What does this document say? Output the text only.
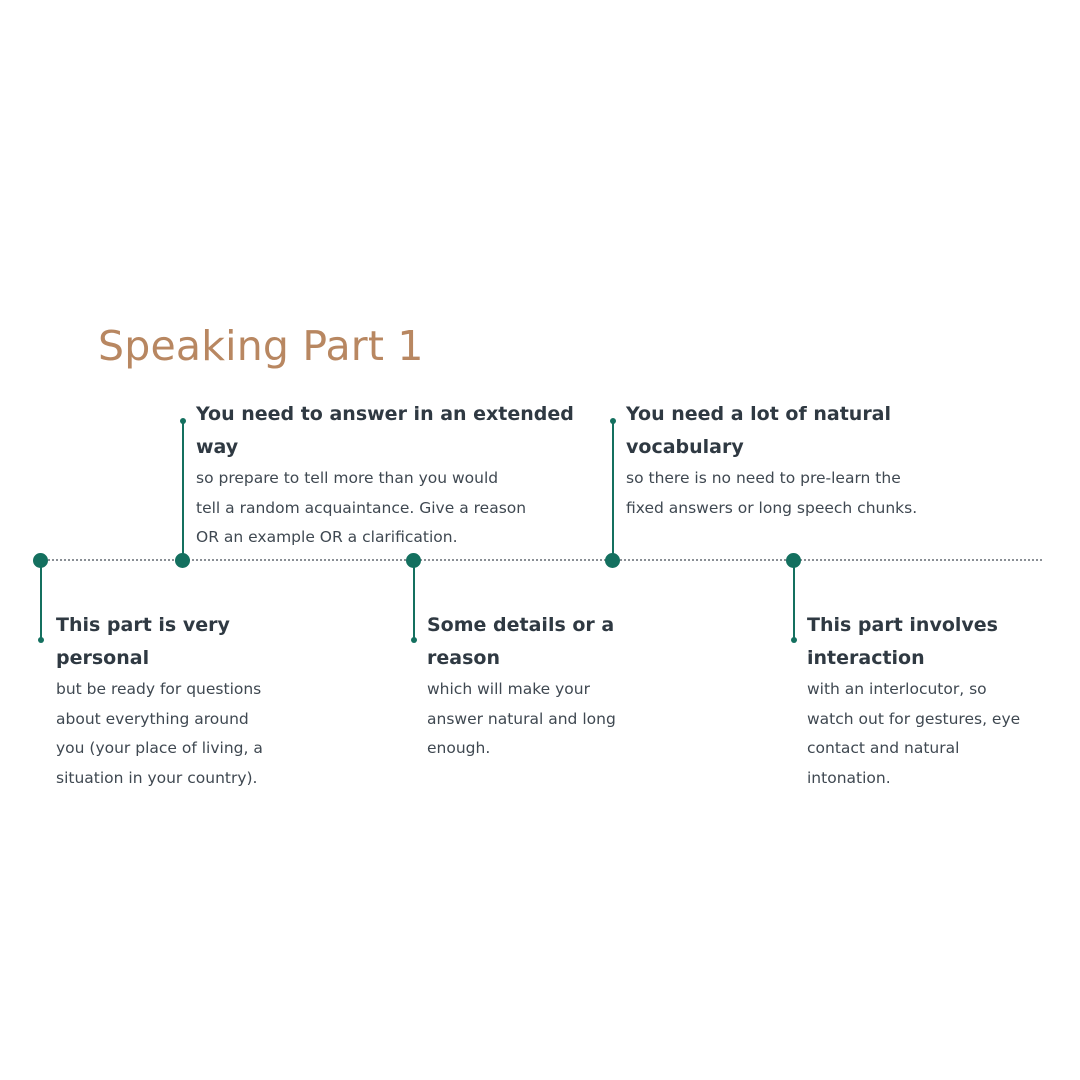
Speaking Part 1
This part is very
personal
but be ready for questions
about everything around
you (your place of living, a
situation in your country).
You need to answer in an extended
way
so prepare to tell more than you would
tell a random acquaintance. Give a reason
OR an example OR a clarification.
Some details or a
reason
which will make your
answer natural and long
enough.
You need a lot of natural
vocabulary
so there is no need to pre-learn the
fixed answers or long speech chunks.
This part involves
interaction
with an interlocutor, so
watch out for gestures, eye
contact and natural
intonation.
